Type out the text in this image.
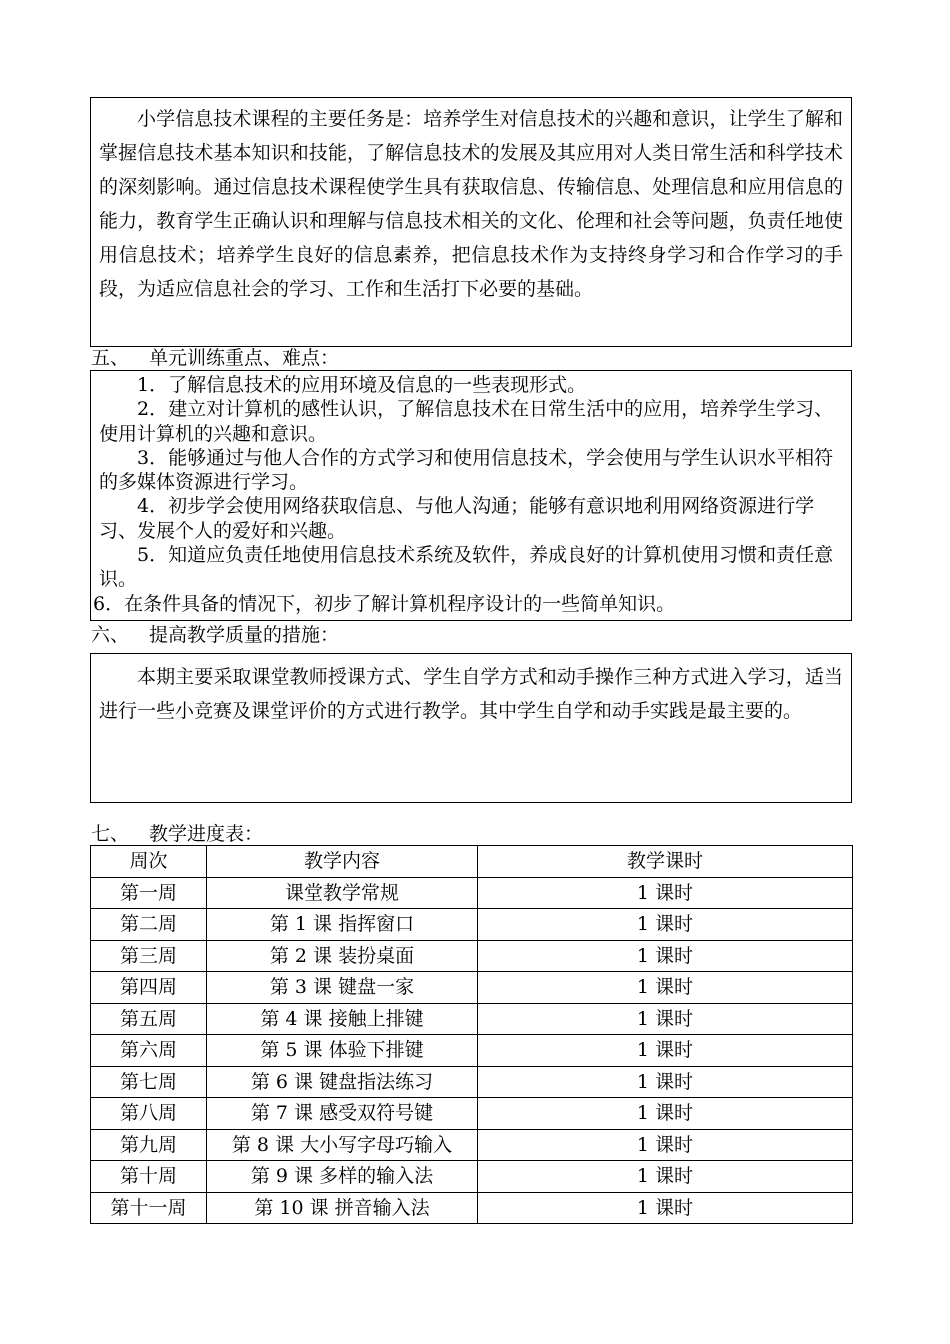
小学信息技术课程的主要任务是：培养学生对信息技术的兴趣和意识，让学生了解和掌握信息技术基本知识和技能，了解信息技术的发展及其应用对人类日常生活和科学技术的深刻影响。通过信息技术课程使学生具有获取信息、传输信息、处理信息和应用信息的能力，教育学生正确认识和理解与信息技术相关的文化、伦理和社会等问题，负责任地使用信息技术；培养学生良好的信息素养，把信息技术作为支持终身学习和合作学习的手段，为适应信息社会的学习、工作和生活打下必要的基础。
五、 单元训练重点、难点：

1．了解信息技术的应用环境及信息的一些表现形式。

2．建立对计算机的感性认识，了解信息技术在日常生活中的应用，培养学生学习、使用计算机的兴趣和意识。

3．能够通过与他人合作的方式学习和使用信息技术，学会使用与学生认识水平相符的多媒体资源进行学习。

4．初步学会使用网络获取信息、与他人沟通；能够有意识地利用网络资源进行学习、发展个人的爱好和兴趣。

5．知道应负责任地使用信息技术系统及软件，养成良好的计算机使用习惯和责任意识。

6．在条件具备的情况下，初步了解计算机程序设计的一些简单知识。

六、 提高教学质量的措施：
本期主要采取课堂教师授课方式、学生自学方式和动手操作三种方式进入学习，适当进行一些小竞赛及课堂评价的方式进行教学。其中学生自学和动手实践是最主要的。
七、 教学进度表：
周次	教学内容	教学课时
第一周	课堂教学常规	1 课时
第二周	第 1 课 指挥窗口	1 课时
第三周	第 2 课 装扮桌面	1 课时
第四周	第 3 课 键盘一家	1 课时
第五周	第 4 课 接触上排键	1 课时
第六周	第 5 课 体验下排键	1 课时
第七周	第 6 课 键盘指法练习	1 课时
第八周	第 7 课 感受双符号键	1 课时
第九周	第 8 课 大小写字母巧输入	1 课时
第十周	第 9 课 多样的输入法	1 课时
第十一周	第 10 课 拼音输入法	1 课时
